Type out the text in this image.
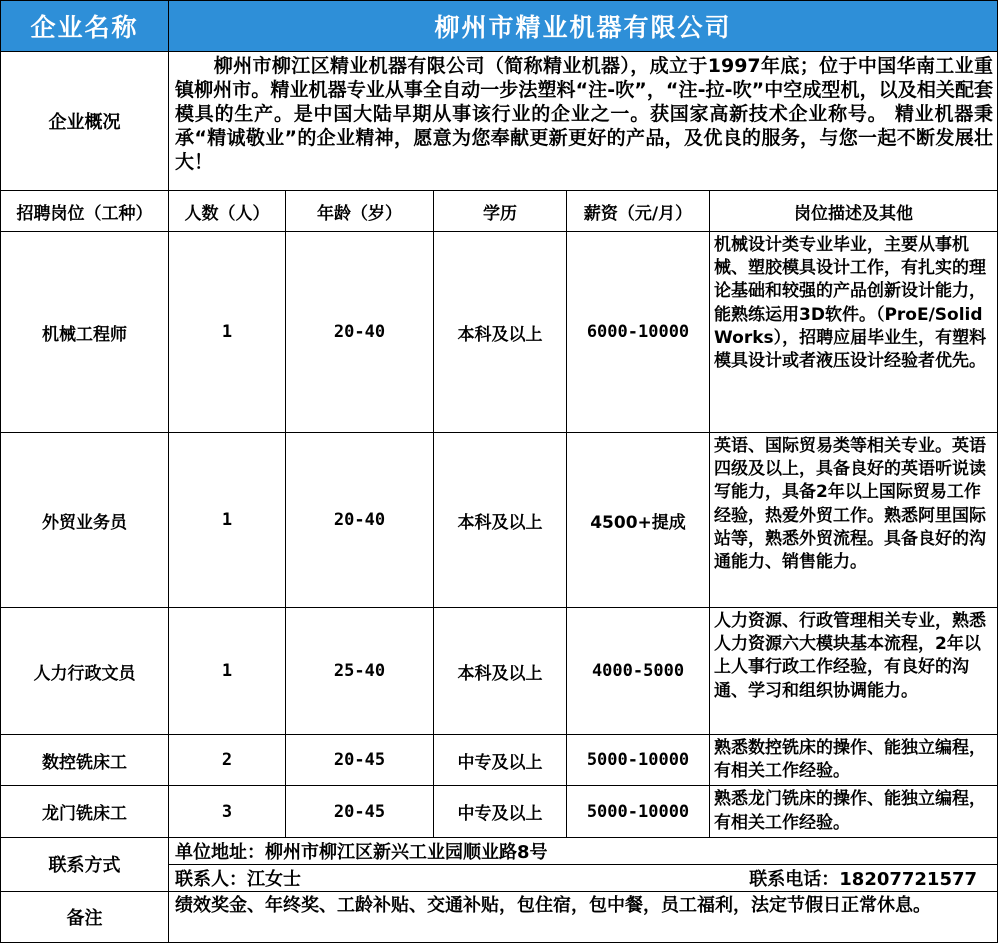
企业名称	柳州市精业机器有限公司				
企业概况	　　柳州市柳江区精业机器有限公司（简称精业机器），成立于1997年底；位于中国华南工业重镇柳州市。精业机器专业从事全自动一步法塑料“注-吹”，“注-拉-吹”中空成型机，以及相关配套模具的生产。是中国大陆早期从事该行业的企业之一。获国家高新技术企业称号。 精业机器秉承“精诚敬业”的企业精神，愿意为您奉献更新更好的产品，及优良的服务，与您一起不断发展壮大！				
招聘岗位（工种）	人数（人）	年龄（岁）	学历	薪资（元/月）	岗位描述及其他
机械工程师	1	20-40	本科及以上	6000-10000	机械设计类专业毕业，主要从事机械、塑胶模具设计工作，有扎实的理论基础和较强的产品创新设计能力，能熟练运用3D软件。（ProE/Solid Works），招聘应届毕业生，有塑料模具设计或者液压设计经验者优先。
外贸业务员	1	20-40	本科及以上	4500+提成	英语、国际贸易类等相关专业。英语四级及以上，具备良好的英语听说读写能力，具备2年以上国际贸易工作经验，热爱外贸工作。熟悉阿里国际站等，熟悉外贸流程。具备良好的沟通能力、销售能力。
人力行政文员	1	25-40	本科及以上	4000-5000	人力资源、行政管理相关专业，熟悉人力资源六大模块基本流程，2年以上人事行政工作经验，有良好的沟通、学习和组织协调能力。
数控铣床工	2	20-45	中专及以上	5000-10000	熟悉数控铣床的操作、能独立编程，有相关工作经验。
龙门铣床工	3	20-45	中专及以上	5000-10000	熟悉龙门铣床的操作、能独立编程，有相关工作经验。
联系方式	单位地址：柳州市柳江区新兴工业园顺业路8号				
	联系人：江女士 联系电话：18207721577				

备注	绩效奖金、年终奖、工龄补贴、交通补贴，包住宿，包中餐，员工福利，法定节假日正常休息。				
